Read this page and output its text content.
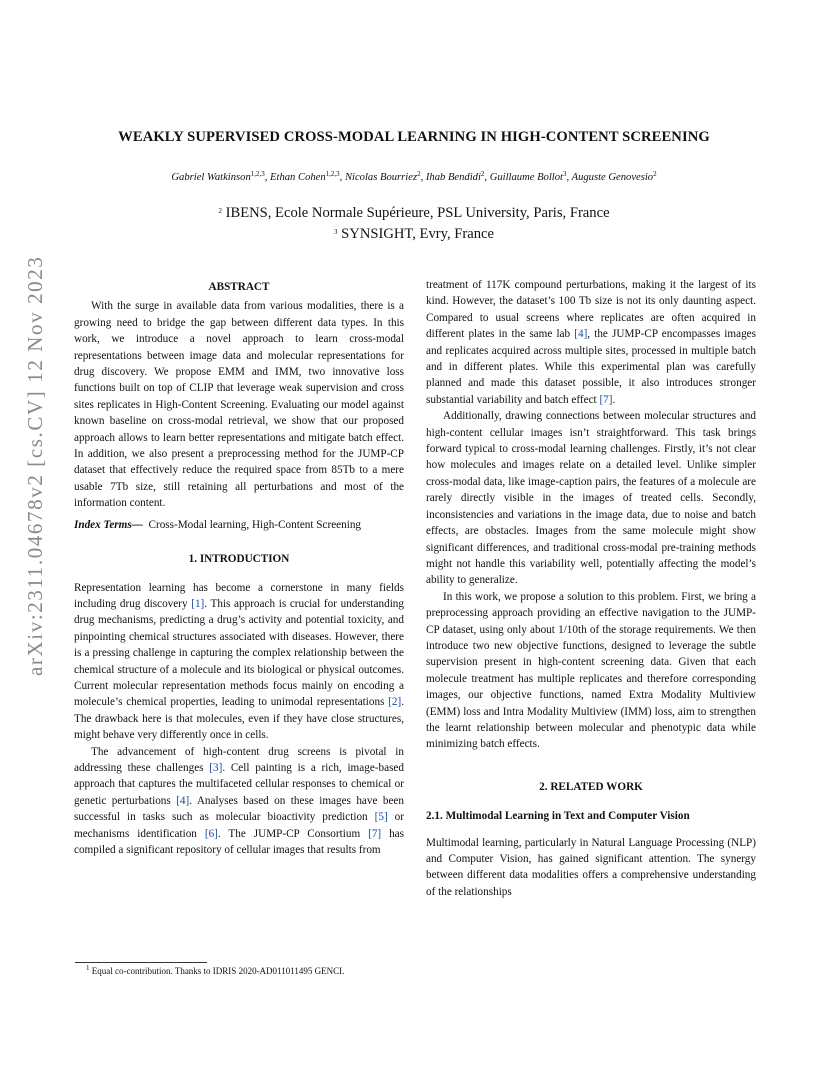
arXiv:2311.04678v2 [cs.CV] 12 Nov 2023
WEAKLY SUPERVISED CROSS-MODAL LEARNING IN HIGH-CONTENT SCREENING
Gabriel Watkinson$^{1,2,3}$, Ethan Cohen$^{1,2,3}$, Nicolas Bourriez$^2$, Ihab Bendidi$^2$, Guillaume Bollot$^3$, Auguste Genovesio$^2$
$^2$ IBENS, Ecole Normale Supérieure, PSL University, Paris, France
$^3$ SYNSIGHT, Evry, France

ABSTRACT

With the surge in available data from various modalities, there is a growing need to bridge the gap between different data types. In this work, we introduce a novel approach to learn cross-modal representations between image data and molecular representations for drug discovery. We propose EMM and IMM, two innovative loss functions built on top of CLIP that leverage weak supervision and cross sites replicates in High-Content Screening. Evaluating our model against known baseline on cross-modal retrieval, we show that our proposed approach allows to learn better representations and mitigate batch effect. In addition, we also present a preprocessing method for the JUMP-CP dataset that effectively reduce the required space from 85Tb to a mere usable 7Tb size, still retaining all perturbations and most of the information content.

Index Terms— Cross-Modal learning, High-Content Screening

1. INTRODUCTION

Representation learning has become a cornerstone in many fields including drug discovery [1]. This approach is crucial for understanding drug mechanisms, predicting a drug’s activity and potential toxicity, and pinpointing chemical structures associated with diseases. However, there is a pressing challenge in capturing the complex relationship between the chemical structure of a molecule and its biological or physical outcomes. Current molecular representation methods focus mainly on encoding a molecule’s chemical properties, leading to unimodal representations [2]. The drawback here is that molecules, even if they have close structures, might behave very differently once in cells.

The advancement of high-content drug screens is pivotal in addressing these challenges [3]. Cell painting is a rich, image-based approach that captures the multifaceted cellular responses to chemical or genetic perturbations [4]. Analyses based on these images have been successful in tasks such as molecular bioactivity prediction [5] or mechanisms identification [6]. The JUMP-CP Consortium [7] has compiled a significant repository of cellular images that results from

$^1$ Equal co-contribution. Thanks to IDRIS 2020-AD011011495 GENCI.

treatment of 117K compound perturbations, making it the largest of its kind. However, the dataset’s 100 Tb size is not its only daunting aspect. Compared to usual screens where replicates are often acquired in different plates in the same lab [4], the JUMP-CP encompasses images and replicates acquired across multiple sites, processed in multiple batch and in different plates. While this experimental plan was carefully planned and made this dataset possible, it also introduces stronger substantial variability and batch effect [7].

Additionally, drawing connections between molecular structures and high-content cellular images isn’t straightforward. This task brings forward typical to cross-modal learning challenges. Firstly, it’s not clear how molecules and images relate on a detailed level. Unlike simpler cross-modal data, like image-caption pairs, the features of a molecule are rarely directly visible in the images of treated cells. Secondly, inconsistencies and variations in the image data, due to noise and batch effects, are obstacles. Images from the same molecule might show significant differences, and traditional cross-modal pre-training methods might not handle this variability well, potentially affecting the model’s ability to generalize.

In this work, we propose a solution to this problem. First, we bring a preprocessing approach providing an effective navigation to the JUMP-CP dataset, using only about 1/10th of the storage requirements. We then introduce two new objective functions, designed to leverage the subtle supervision present in high-content screening data. Given that each molecule treatment has multiple replicates and therefore corresponding images, our objective functions, named Extra Modality Multiview (EMM) loss and Intra Modality Multiview (IMM) loss, aim to strengthen the learnt relationship between molecular and phenotypic data while minimizing batch effects.

2. RELATED WORK

2.1. Multimodal Learning in Text and Computer Vision

Multimodal learning, particularly in Natural Language Processing (NLP) and Computer Vision, has gained significant attention. The synergy between different data modalities offers a comprehensive understanding of the relationships
